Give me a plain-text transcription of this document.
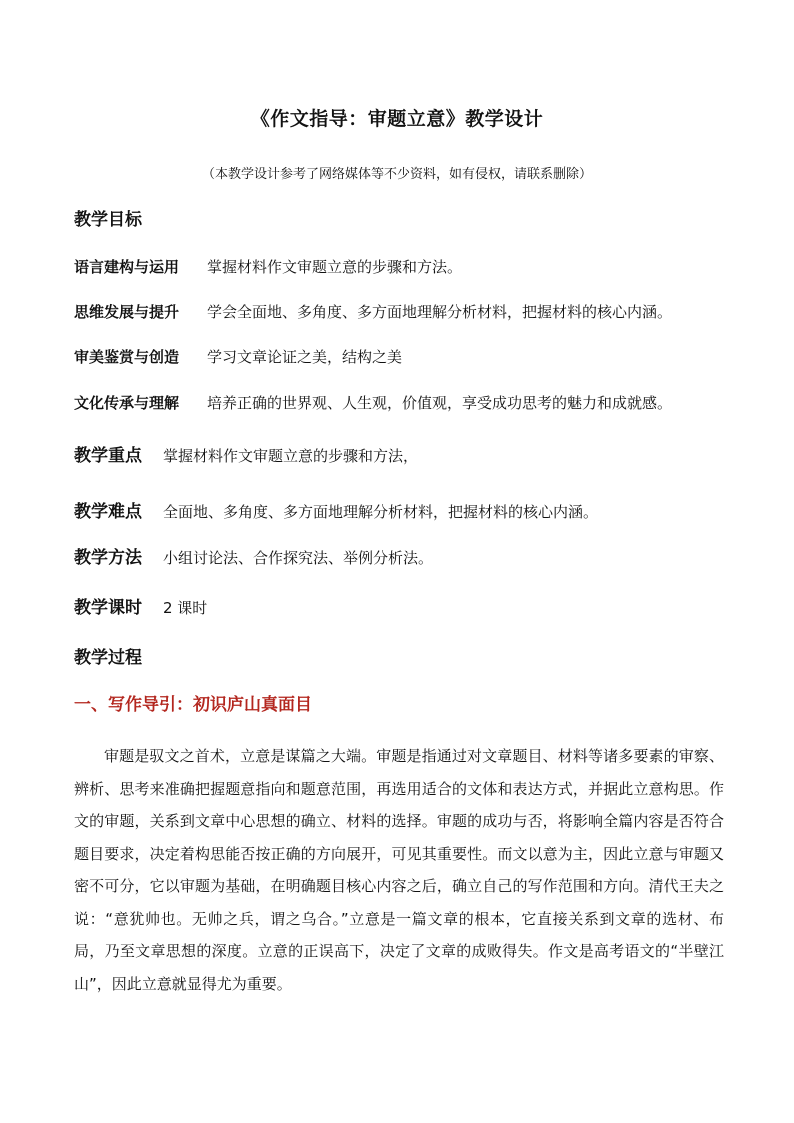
《作文指导：审题立意》教学设计
（本教学设计参考了网络媒体等不少资料，如有侵权，请联系删除）
教学目标
语言建构与运用 掌握材料作文审题立意的步骤和方法。
思维发展与提升 学会全面地、多角度、多方面地理解分析材料，把握材料的核心内涵。
审美鉴赏与创造 学习文章论证之美，结构之美
文化传承与理解 培养正确的世界观、人生观，价值观，享受成功思考的魅力和成就感。
教学重点 掌握材料作文审题立意的步骤和方法，
教学难点 全面地、多角度、多方面地理解分析材料，把握材料的核心内涵。
教学方法 小组讨论法、合作探究法、举例分析法。
教学课时 2 课时
教学过程
一、写作导引：初识庐山真面目
审题是驭文之首术，立意是谋篇之大端。审题是指通过对文章题目、材料等诸多要素的审察、辨析、思考来准确把握题意指向和题意范围，再选用适合的文体和表达方式，并据此立意构思。作文的审题，关系到文章中心思想的确立、材料的选择。审题的成功与否，将影响全篇内容是否符合题目要求，决定着构思能否按正确的方向展开，可见其重要性。而文以意为主，因此立意与审题又密不可分，它以审题为基础，在明确题目核心内容之后，确立自己的写作范围和方向。清代王夫之说：“意犹帅也。无帅之兵，谓之乌合。”立意是一篇文章的根本，它直接关系到文章的选材、布局，乃至文章思想的深度。立意的正误高下，决定了文章的成败得失。作文是高考语文的“半壁江山”，因此立意就显得尤为重要。
